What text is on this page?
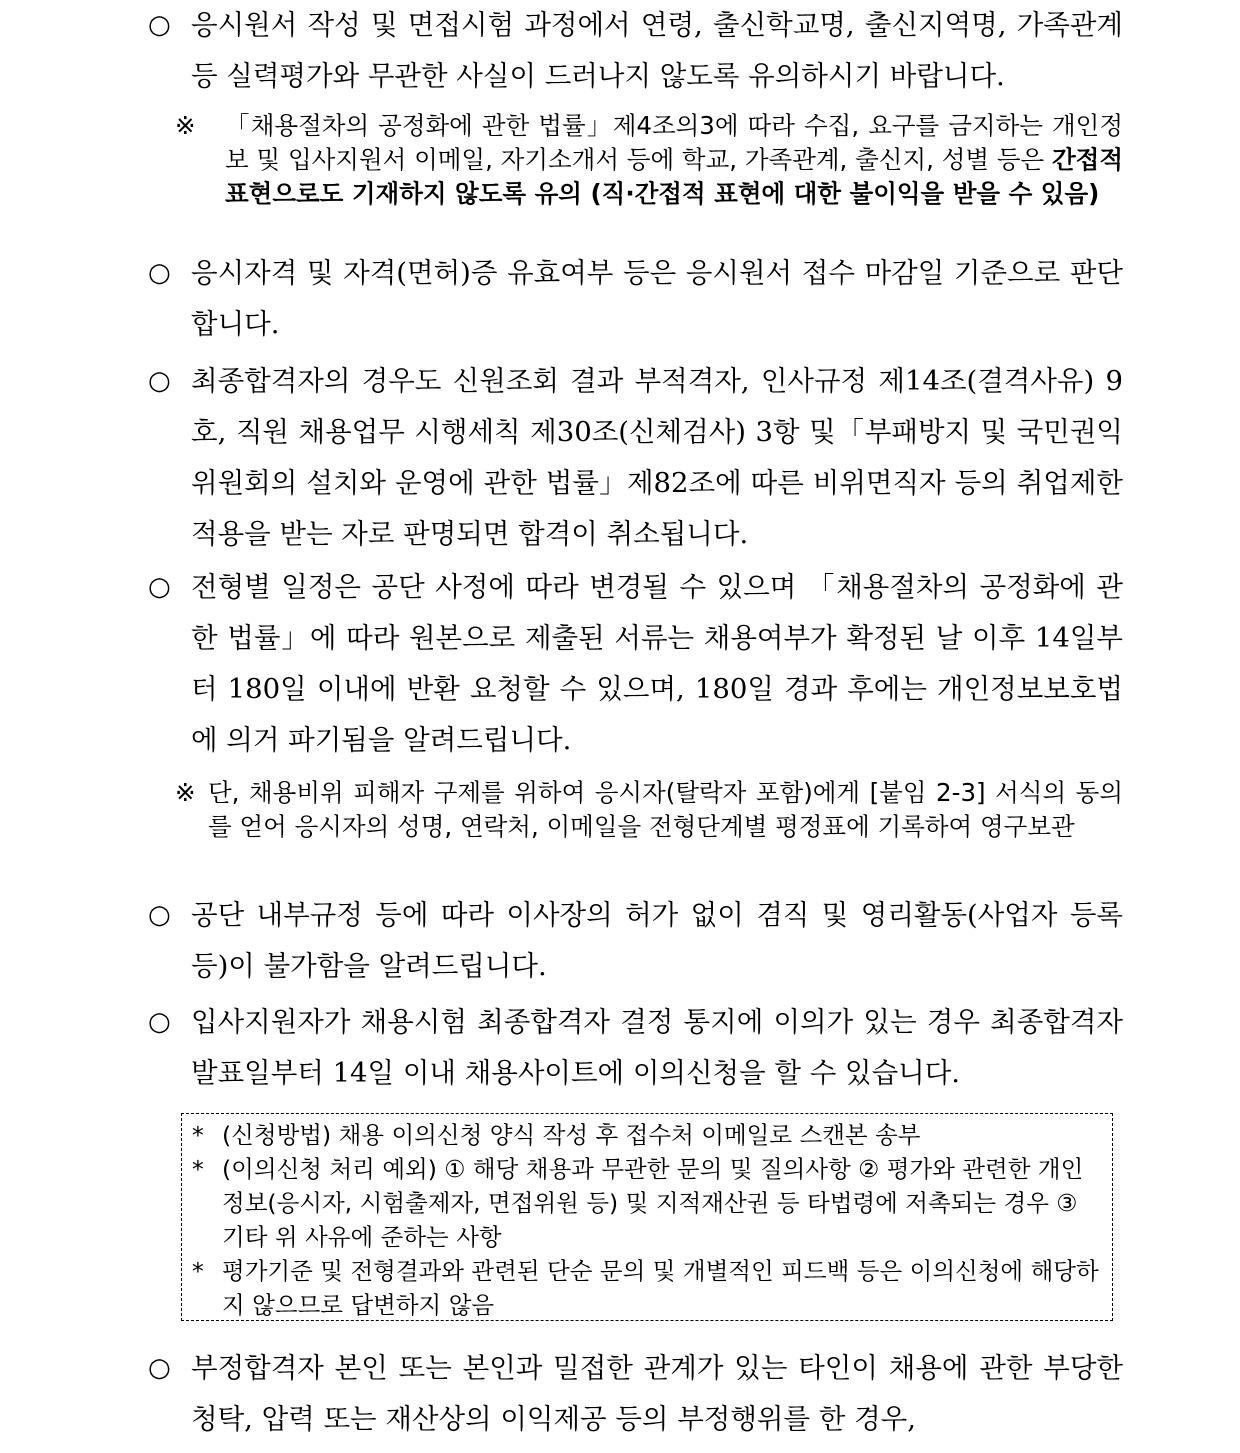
○ 응시원서 작성 및 면접시험 과정에서 연령, 출신학교명, 출신지역명, 가족관계 등 실력평가와 무관한 사실이 드러나지 않도록 유의하시기 바랍니다.
※ 「채용절차의 공정화에 관한 법률」제4조의3에 따라 수집, 요구를 금지하는 개인정보 및 입사지원서 이메일, 자기소개서 등에 학교, 가족관계, 출신지, 성별 등은 간접적 표현으로도 기재하지 않도록 유의 (직·간접적 표현에 대한 불이익을 받을 수 있음)
○ 응시자격 및 자격(면허)증 유효여부 등은 응시원서 접수 마감일 기준으로 판단합니다.
○ 최종합격자의 경우도 신원조회 결과 부적격자, 인사규정 제14조(결격사유) 9호, 직원 채용업무 시행세칙 제30조(신체검사) 3항 및「부패방지 및 국민권익위원회의 설치와 운영에 관한 법률」제82조에 따른 비위면직자 등의 취업제한 적용을 받는 자로 판명되면 합격이 취소됩니다.
○ 전형별 일정은 공단 사정에 따라 변경될 수 있으며 「채용절차의 공정화에 관한 법률」에 따라 원본으로 제출된 서류는 채용여부가 확정된 날 이후 14일부터 180일 이내에 반환 요청할 수 있으며, 180일 경과 후에는 개인정보보호법에 의거 파기됨을 알려드립니다.
※ 단, 채용비위 피해자 구제를 위하여 응시자(탈락자 포함)에게 [붙임 2-3] 서식의 동의를 얻어 응시자의 성명, 연락처, 이메일을 전형단계별 평정표에 기록하여 영구보관
○ 공단 내부규정 등에 따라 이사장의 허가 없이 겸직 및 영리활동(사업자 등록 등)이 불가함을 알려드립니다.
○ 입사지원자가 채용시험 최종합격자 결정 통지에 이의가 있는 경우 최종합격자 발표일부터 14일 이내 채용사이트에 이의신청을 할 수 있습니다.
* (신청방법) 채용 이의신청 양식 작성 후 접수처 이메일로 스캔본 송부
* (이의신청 처리 예외) ① 해당 채용과 무관한 문의 및 질의사항 ② 평가와 관련한 개인정보(응시자, 시험출제자, 면접위원 등) 및 지적재산권 등 타법령에 저촉되는 경우 ③ 기타 위 사유에 준하는 사항
* 평가기준 및 전형결과와 관련된 단순 문의 및 개별적인 피드백 등은 이의신청에 해당하지 않으므로 답변하지 않음
○ 부정합격자 본인 또는 본인과 밀접한 관계가 있는 타인이 채용에 관한 부당한 청탁, 압력 또는 재산상의 이익제공 등의 부정행위를 한 경우,
